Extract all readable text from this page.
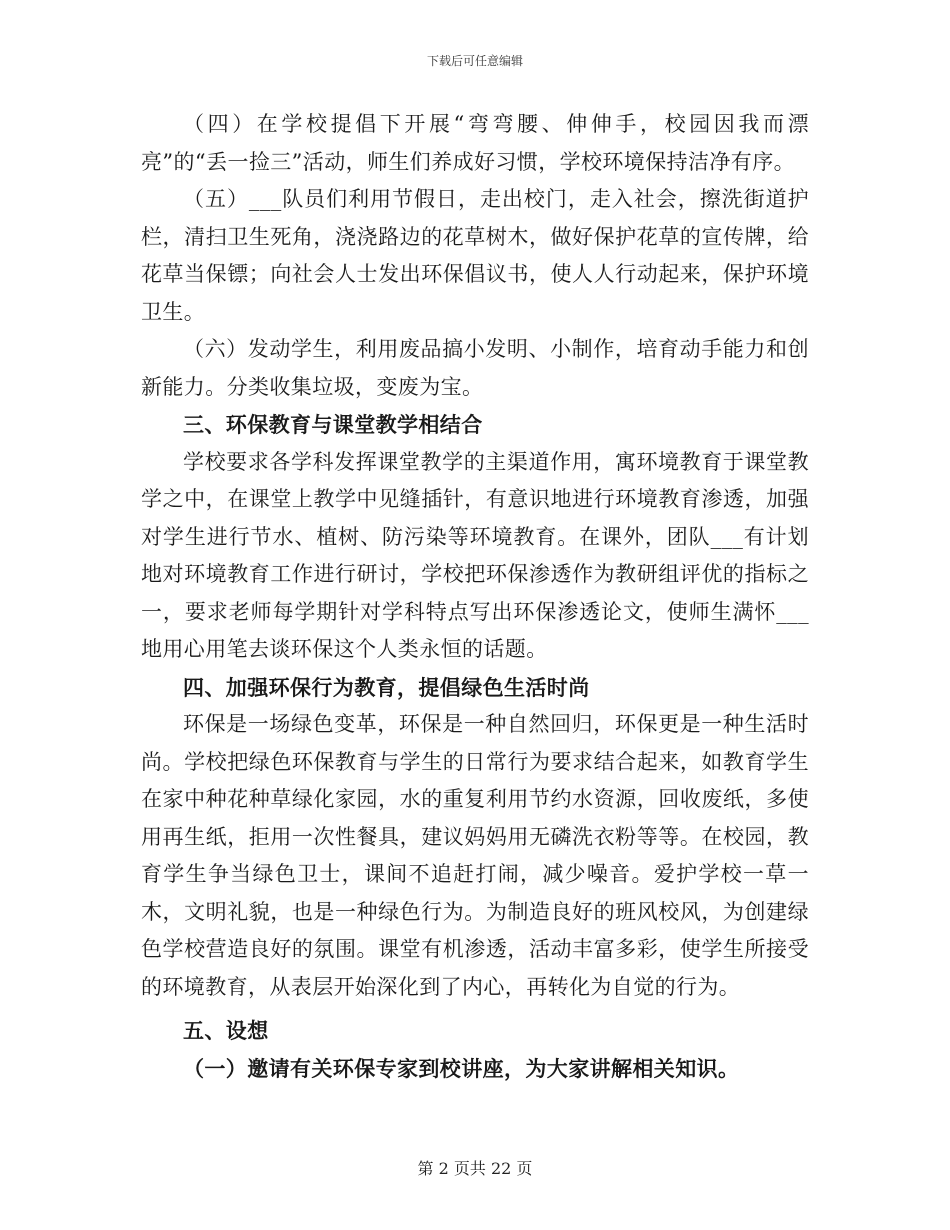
下载后可任意编辑

（四）在学校提倡下开展“弯弯腰、伸伸手，校园因我而漂亮”的“丢一捡三”活动，师生们养成好习惯，学校环境保持洁净有序。

（五）___队员们利用节假日，走出校门，走入社会，擦洗街道护栏，清扫卫生死角，浇浇路边的花草树木，做好保护花草的宣传牌，给花草当保镖；向社会人士发出环保倡议书，使人人行动起来，保护环境卫生。

（六）发动学生，利用废品搞小发明、小制作，培育动手能力和创新能力。分类收集垃圾，变废为宝。

三、环保教育与课堂教学相结合

学校要求各学科发挥课堂教学的主渠道作用，寓环境教育于课堂教学之中，在课堂上教学中见缝插针，有意识地进行环境教育渗透，加强对学生进行节水、植树、防污染等环境教育。在课外，团队___有计划地对环境教育工作进行研讨，学校把环保渗透作为教研组评优的指标之一，要求老师每学期针对学科特点写出环保渗透论文，使师生满怀___地用心用笔去谈环保这个人类永恒的话题。

四、加强环保行为教育，提倡绿色生活时尚

环保是一场绿色变革，环保是一种自然回归，环保更是一种生活时尚。学校把绿色环保教育与学生的日常行为要求结合起来，如教育学生在家中种花种草绿化家园，水的重复利用节约水资源，回收废纸，多使用再生纸，拒用一次性餐具，建议妈妈用无磷洗衣粉等等。在校园，教育学生争当绿色卫士，课间不追赶打闹，减少噪音。爱护学校一草一木，文明礼貌，也是一种绿色行为。为制造良好的班风校风，为创建绿色学校营造良好的氛围。课堂有机渗透，活动丰富多彩，使学生所接受的环境教育，从表层开始深化到了内心，再转化为自觉的行为。

五、设想

（一）邀请有关环保专家到校讲座，为大家讲解相关知识。

第 2 页共 22 页
